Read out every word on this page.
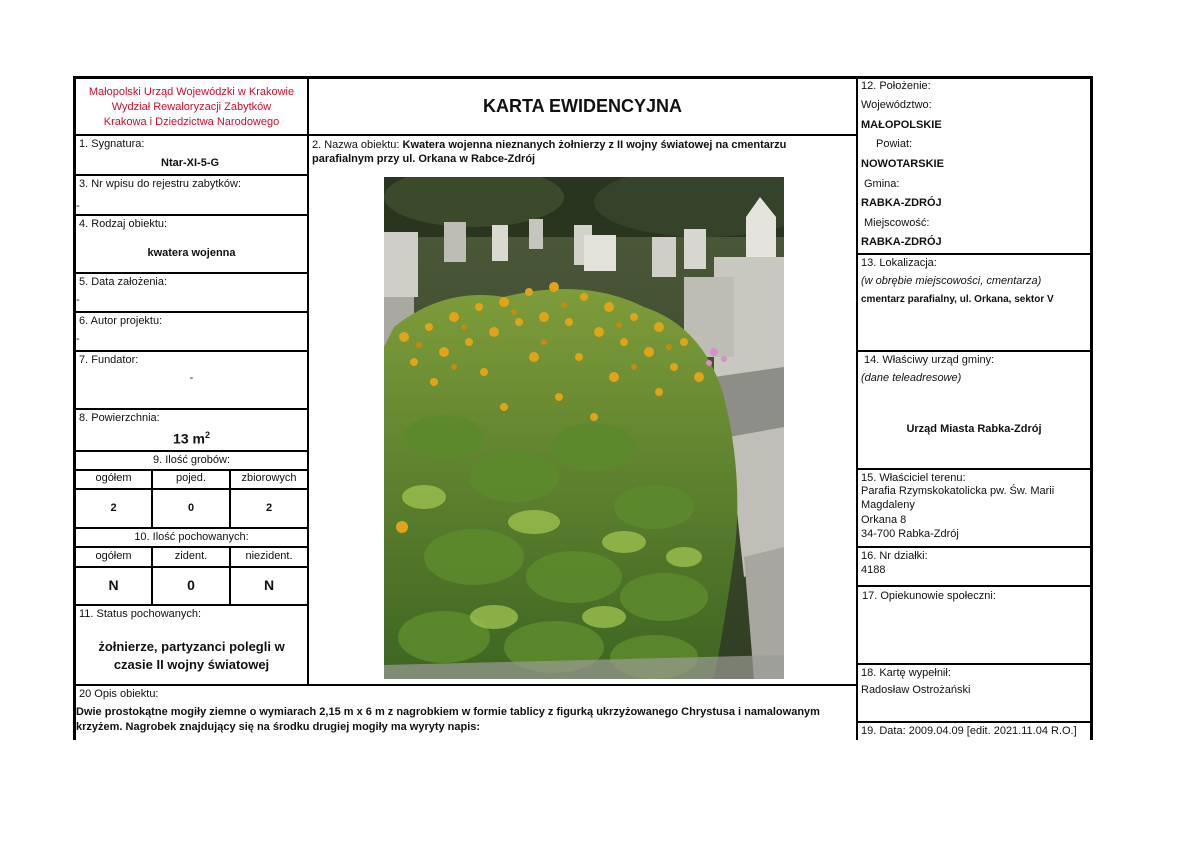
Małopolski Urząd Wojewódzki w Krakowie
Wydział Rewaloryzacji Zabytków
Krakowa i Dziedzictwa Narodowego
1. Sygnatura:
Ntar-XI-5-G
3. Nr wpisu do rejestru zabytków:
-
4. Rodzaj obiektu:
kwatera wojenna
5. Data założenia:
-
6. Autor projektu:
-
7. Fundator:
-
8. Powierzchnia:
13 $m^2$
9. Ilość grobów:
ogółem	pojed.	zbiorowych
2	0	2
10. Ilość pochowanych:
ogółem	zident.	niezident.
N	0	N
11. Status pochowanych:
żołnierze, partyzanci polegli w
czasie II wojny światowej
KARTA EWIDENCYJNA
2. Nazwa obiektu: Kwatera wojenna nieznanych żołnierzy z II wojny światowej na cmentarzu
parafialnym przy ul. Orkana w Rabce-Zdrój
20 Opis obiektu:
Dwie prostokątne mogiły ziemne o wymiarach 2,15 m x 6 m z nagrobkiem w formie tablicy z figurką ukrzyżowanego Chrystusa i namalowanym
krzyżem. Nagrobek znajdujący się na środku drugiej mogiły ma wyryty napis:
12. Położenie:
Województwo:
MAŁOPOLSKIE
Powiat:
NOWOTARSKIE
Gmina:
RABKA-ZDRÓJ
Miejscowość:
RABKA-ZDRÓJ
13. Lokalizacja:
(w obrębie miejscowości, cmentarza)
cmentarz parafialny, ul. Orkana, sektor V
14. Właściwy urząd gminy:
(dane teleadresowe)
Urząd Miasta Rabka-Zdrój
15. Właściciel terenu:
Parafia Rzymskokatolicka pw. Św. Marii
Magdaleny
Orkana 8
34-700 Rabka-Zdrój
16. Nr działki:
4188
17. Opiekunowie społeczni:
18. Kartę wypełnił:
Radosław Ostrożański
19. Data: 2009.04.09 [edit. 2021.11.04 R.O.]
